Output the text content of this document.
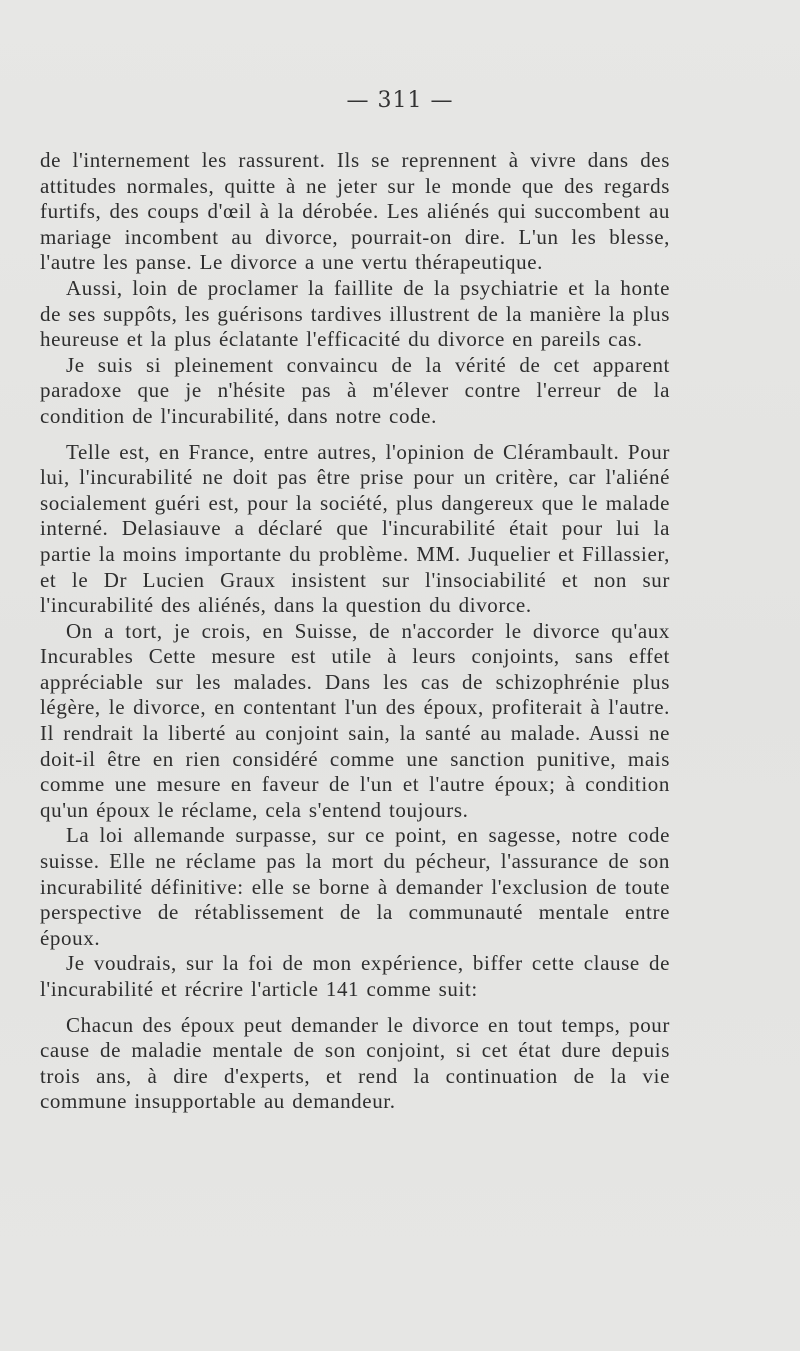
— 311 —

de l'internement les rassurent. Ils se reprennent à vivre dans des attitudes normales, quitte à ne jeter sur le monde que des regards furtifs, des coups d'œil à la dérobée. Les aliénés qui succombent au mariage incombent au divorce, pourrait-on dire. L'un les blesse, l'autre les panse. Le divorce a une vertu thérapeutique.

Aussi, loin de proclamer la faillite de la psychiatrie et la honte de ses suppôts, les guérisons tardives illustrent de la manière la plus heureuse et la plus éclatante l'efficacité du divorce en pareils cas.

Je suis si pleinement convaincu de la vérité de cet apparent paradoxe que je n'hésite pas à m'élever contre l'erreur de la condition de l'incurabilité, dans notre code.

Telle est, en France, entre autres, l'opinion de Clérambault. Pour lui, l'incurabilité ne doit pas être prise pour un critère, car l'aliéné socialement guéri est, pour la société, plus dangereux que le malade interné. Delasiauve a déclaré que l'incurabilité était pour lui la partie la moins importante du problème. MM. Juquelier et Fillassier, et le Dr Lucien Graux insistent sur l'insociabilité et non sur l'incurabilité des aliénés, dans la question du divorce.

On a tort, je crois, en Suisse, de n'accorder le divorce qu'aux Incurables Cette mesure est utile à leurs conjoints, sans effet appréciable sur les malades. Dans les cas de schizophrénie plus légère, le divorce, en contentant l'un des époux, profiterait à l'autre. Il rendrait la liberté au conjoint sain, la santé au malade. Aussi ne doit-il être en rien considéré comme une sanction punitive, mais comme une mesure en faveur de l'un et l'autre époux; à condition qu'un époux le réclame, cela s'entend toujours.

La loi allemande surpasse, sur ce point, en sagesse, notre code suisse. Elle ne réclame pas la mort du pécheur, l'assurance de son incurabilité définitive: elle se borne à demander l'exclusion de toute perspective de rétablissement de la communauté mentale entre époux.

Je voudrais, sur la foi de mon expérience, biffer cette clause de l'incurabilité et récrire l'article 141 comme suit:

Chacun des époux peut demander le divorce en tout temps, pour cause de maladie mentale de son conjoint, si cet état dure depuis trois ans, à dire d'experts, et rend la continuation de la vie commune insupportable au demandeur.
